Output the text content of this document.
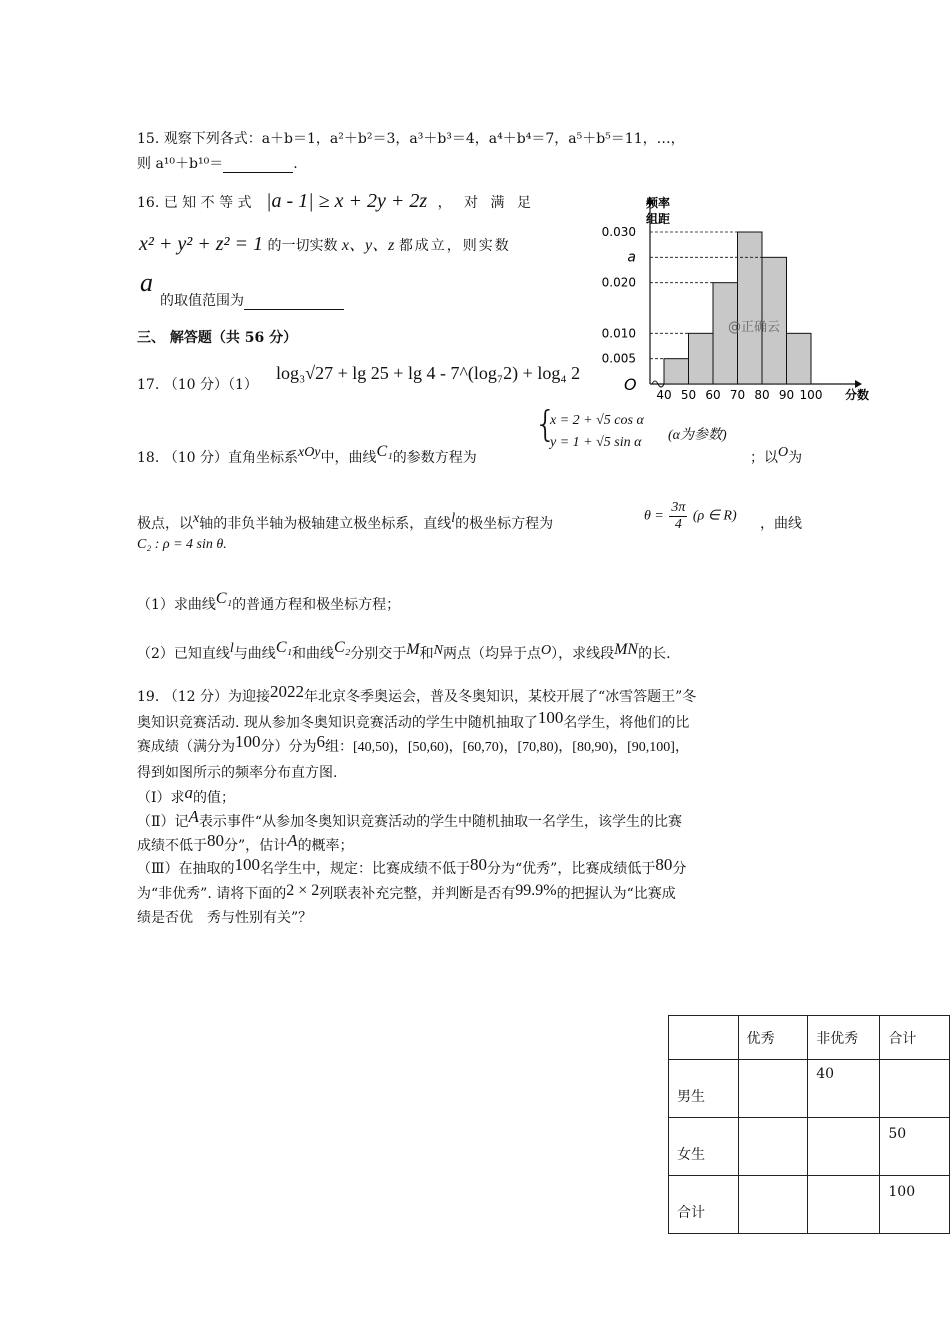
15. 观察下列各式：a＋b＝1，a²＋b²＝3，a³＋b³＝4，a⁴＋b⁴＝7，a⁵＋b⁵＝11，…，
则 a¹⁰＋b¹⁰＝	.
16. 已 知 不 等 式 |a - 1| ≥ x + 2y + 2z ， 对 满 足
x² + y² + z² = 1 的一切实数 x、y、z 都成立，则实数
a
的取值范围为
0.030
a
0.020
0.010
0.005
40 50 60 70 80 90 100 分数
O
频率
组距
@正确云
三、 解答题（共 56 分）
17. （10 分）（1）
log₃√27 + lg 25 + lg 4 - 7^(log₇2) + log₄ 2
18. （10 分）直角坐标系xOy中，曲线C₁的参数方程为
{
x = 2 + √5 cos α
y = 1 + √5 sin α (α为参数)
；以O为
极点，以x轴的非负半轴为极轴建立极坐标系，直线l的极坐标方程为	$\theta = \frac{3\pi}{4} (\rho$ ∈ R) ，曲线
C₂ : ρ = 4 sin θ.
（1）求曲线C₁的普通方程和极坐标方程；
（2）已知直线l与曲线C₁和曲线C₂分别交于M和N两点（均异于点O），求线段MN的长.
19. （12 分）为迎接2022年北京冬季奥运会，普及冬奥知识，某校开展了“冰雪答题王”冬
奥知识竞赛活动. 现从参加冬奥知识竞赛活动的学生中随机抽取了100名学生，将他们的比
赛成绩（满分为100分）分为6组：[40,50)，[50,60)，[60,70)，[70,80)，[80,90)，[90,100]，
得到如图所示的频率分布直方图.
（Ⅰ）求a的值；
（Ⅱ）记A表示事件“从参加冬奥知识竞赛活动的学生中随机抽取一名学生，该学生的比赛
成绩不低于80分”，估计A的概率；
（Ⅲ）在抽取的100名学生中，规定：比赛成绩不低于80分为“优秀”，比赛成绩低于80分
为“非优秀”. 请将下面的2 × 2列联表补充完整，并判断是否有99.9%的把握认为“比赛成
绩是否优　秀与性别有关”？
	优秀	非优秀	合计
男生		40	
女生			50
合计			100
